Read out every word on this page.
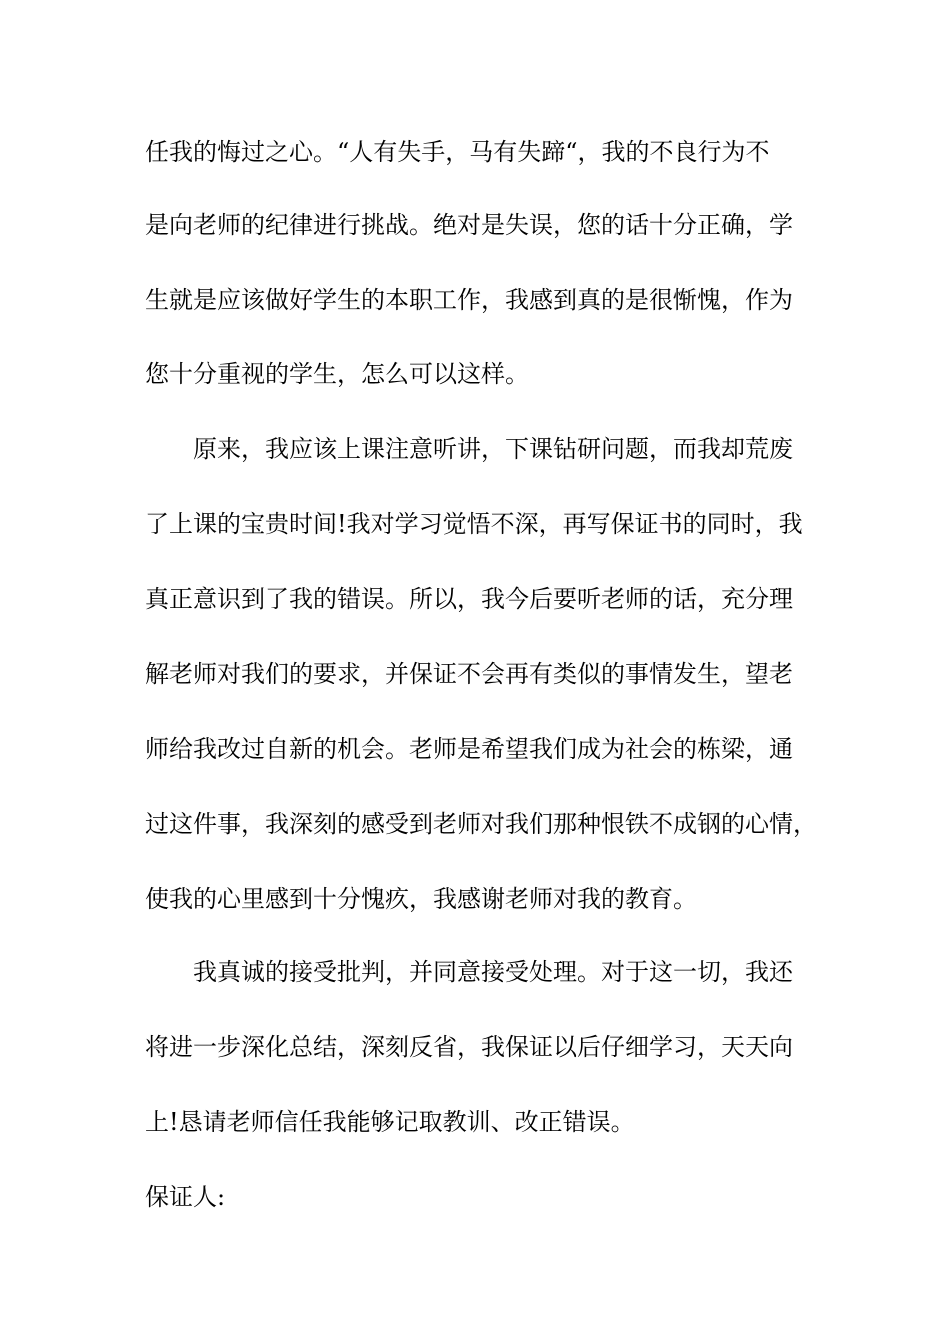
任我的悔过之心。“人有失手，马有失蹄“，我的不良行为不
是向老师的纪律进行挑战。绝对是失误，您的话十分正确，学
生就是应该做好学生的本职工作，我感到真的是很惭愧，作为
您十分重视的学生，怎么可以这样。
原来，我应该上课注意听讲，下课钻研问题，而我却荒废
了上课的宝贵时间!我对学习觉悟不深，再写保证书的同时，我
真正意识到了我的错误。所以，我今后要听老师的话，充分理
解老师对我们的要求，并保证不会再有类似的事情发生，望老
师给我改过自新的机会。老师是希望我们成为社会的栋梁，通
过这件事，我深刻的感受到老师对我们那种恨铁不成钢的心情，
使我的心里感到十分愧疚，我感谢老师对我的教育。
我真诚的接受批判，并同意接受处理。对于这一切，我还
将进一步深化总结，深刻反省，我保证以后仔细学习，天天向
上!恳请老师信任我能够记取教训、改正错误。
保证人:
